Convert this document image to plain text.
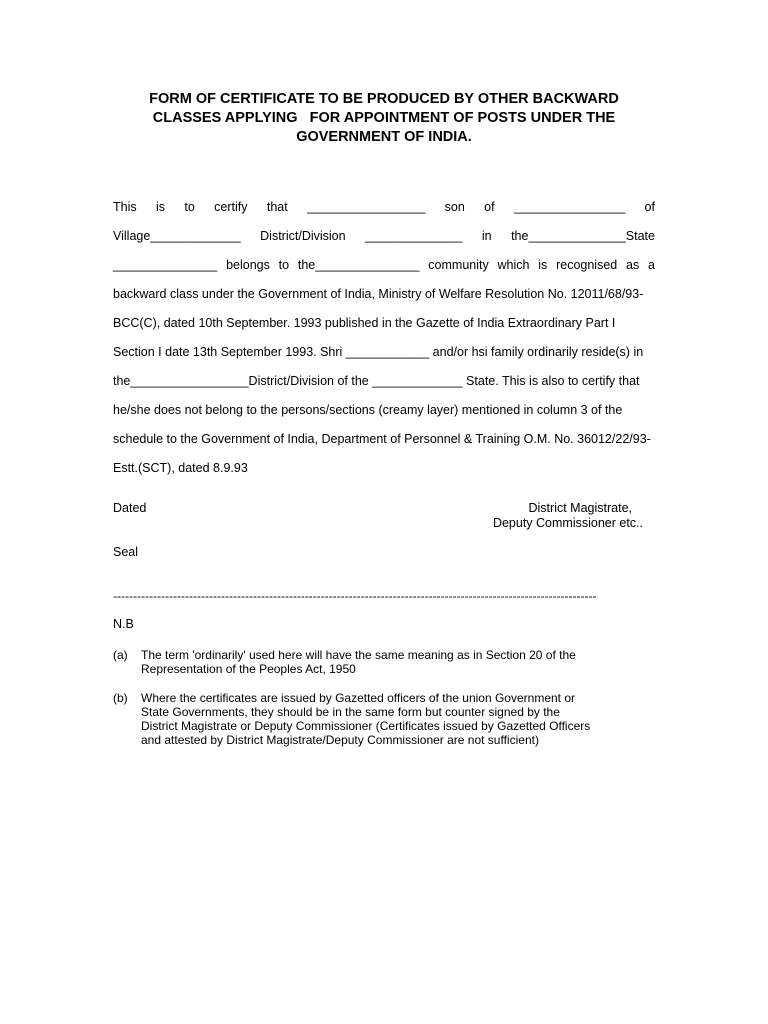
FORM OF CERTIFICATE TO BE PRODUCED BY OTHER BACKWARD
CLASSES APPLYING   FOR APPOINTMENT OF POSTS UNDER THE
GOVERNMENT OF INDIA.
This is to certify that _________________ son of ________________ of
Village_____________ District/Division ______________ in the______________State
_______________ belongs to the_______________ community which is recognised as a
backward class under the Government of India, Ministry of Welfare Resolution No. 12011/68/93-
BCC(C), dated 10th September. 1993 published in the Gazette of India Extraordinary Part I
Section I date 13th September 1993. Shri ____________ and/or hsi family ordinarily reside(s) in
the_________________District/Division of the _____________ State. This is also to certify that
he/she does not belong to the persons/sections (creamy layer) mentioned in column 3 of the
schedule to the Government of India, Department of Personnel & Training O.M. No. 36012/22/93-
Estt.(SCT), dated 8.9.93
Dated	District Magistrate,
Deputy Commissioner etc..
Seal
-------------------------------------------------------------------------------------------------------------------------
N.B
(a) The term 'ordinarily' used here will have the same meaning as in Section 20 of the
Representation of the Peoples Act, 1950
(b) Where the certificates are issued by Gazetted officers of the union Government or
State Governments, they should be in the same form but counter signed by the
District Magistrate or Deputy Commissioner (Certificates issued by Gazetted Officers
and attested by District Magistrate/Deputy Commissioner are not sufficient)
